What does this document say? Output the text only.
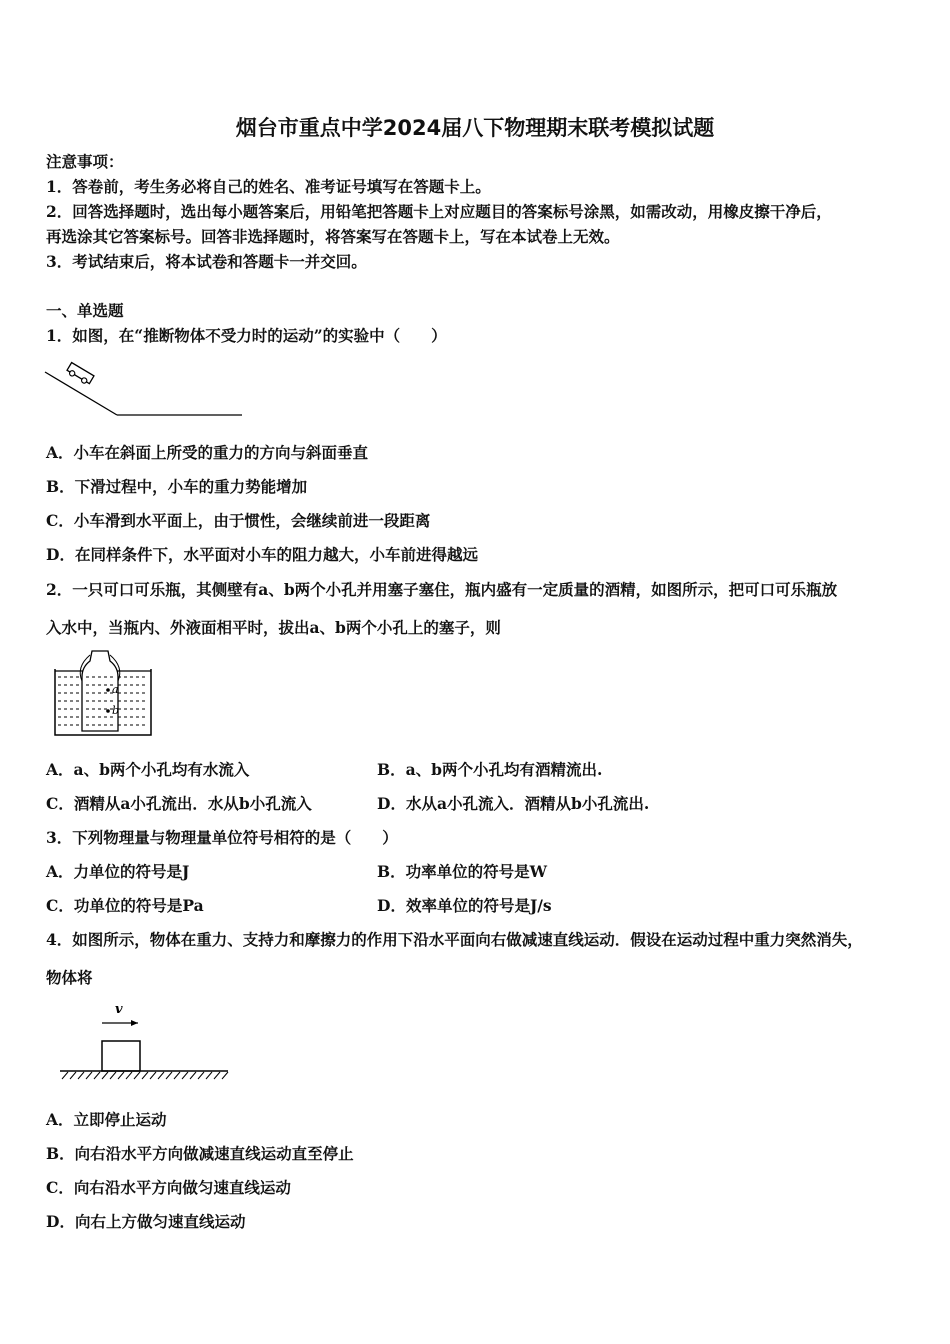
烟台市重点中学2024届八下物理期末联考模拟试题
注意事项：
1．答卷前，考生务必将自己的姓名、准考证号填写在答题卡上。
2．回答选择题时，选出每小题答案后，用铅笔把答题卡上对应题目的答案标号涂黑，如需改动，用橡皮擦干净后，
再选涂其它答案标号。回答非选择题时，将答案写在答题卡上，写在本试卷上无效。
3．考试结束后，将本试卷和答题卡一并交回。
一、单选题
1．如图，在“推断物体不受力时的运动”的实验中（　　）
A．小车在斜面上所受的重力的方向与斜面垂直
B．下滑过程中，小车的重力势能增加
C．小车滑到水平面上，由于惯性，会继续前进一段距离
D．在同样条件下，水平面对小车的阻力越大，小车前进得越远
2．一只可口可乐瓶，其侧壁有a、b两个小孔并用塞子塞住，瓶内盛有一定质量的酒精，如图所示，把可口可乐瓶放
入水中，当瓶内、外液面相平时，拔出a、b两个小孔上的塞子，则
a
b
A．a、b两个小孔均有水流入	B．a、b两个小孔均有酒精流出.
C．酒精从a小孔流出．水从b小孔流入	D．水从a小孔流入．酒精从b小孔流出.
3．下列物理量与物理量单位符号相符的是（　　）
A．力单位的符号是J	B．功率单位的符号是W
C．功单位的符号是Pa	D．效率单位的符号是J/s
4．如图所示，物体在重力、支持力和摩擦力的作用下沿水平面向右做减速直线运动．假设在运动过程中重力突然消失，
物体将
v
A．立即停止运动
B．向右沿水平方向做减速直线运动直至停止
C．向右沿水平方向做匀速直线运动
D．向右上方做匀速直线运动
